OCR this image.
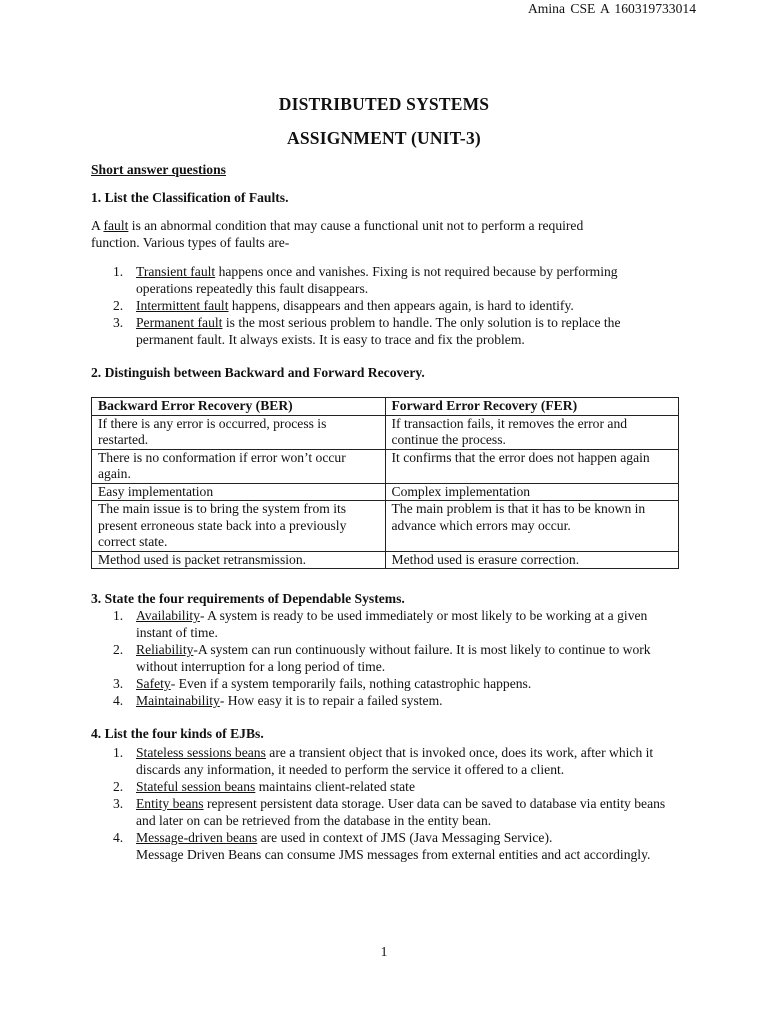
Amina CSE A 160319733014
DISTRIBUTED SYSTEMS
ASSIGNMENT (UNIT-3)
Short answer questions
1. List the Classification of Faults.
A fault is an abnormal condition that may cause a functional unit not to perform a required
function. Various types of faults are-
1. Transient fault happens once and vanishes. Fixing is not required because by performing operations repeatedly this fault disappears.
2. Intermittent fault happens, disappears and then appears again, is hard to identify.
3. Permanent fault is the most serious problem to handle. The only solution is to replace the permanent fault. It always exists. It is easy to trace and fix the problem.
2. Distinguish between Backward and Forward Recovery.
Backward Error Recovery (BER)	Forward Error Recovery (FER)
If there is any error is occurred, process is restarted.	If transaction fails, it removes the error and continue the process.
There is no conformation if error won’t occur again.	It confirms that the error does not happen again
Easy implementation	Complex implementation
The main issue is to bring the system from its present erroneous state back into a previously correct state.	The main problem is that it has to be known in advance which errors may occur.
Method used is packet retransmission.	Method used is erasure correction.
3. State the four requirements of Dependable Systems.
1. Availability- A system is ready to be used immediately or most likely to be working at a given instant of time.
2. Reliability-A system can run continuously without failure. It is most likely to continue to work without interruption for a long period of time.
3. Safety- Even if a system temporarily fails, nothing catastrophic happens.
4. Maintainability- How easy it is to repair a failed system.
4. List the four kinds of EJBs.
1. Stateless sessions beans are a transient object that is invoked once, does its work, after which it discards any information, it needed to perform the service it offered to a client.
2. Stateful session beans maintains client-related state
3. Entity beans represent persistent data storage. User data can be saved to database via entity beans and later on can be retrieved from the database in the entity bean.
4. Message-driven beans are used in context of JMS (Java Messaging Service).
Message Driven Beans can consume JMS messages from external entities and act accordingly.
1
